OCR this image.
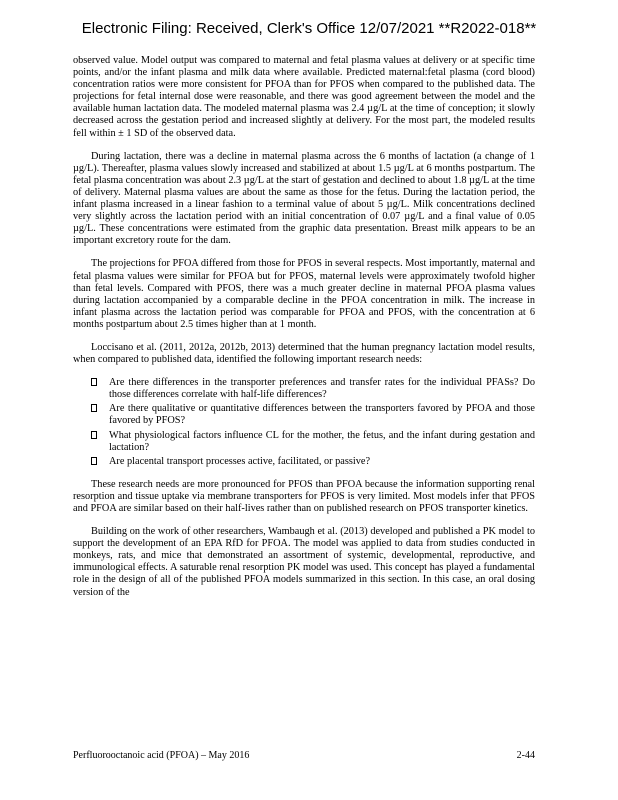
Electronic Filing: Received, Clerk's Office 12/07/2021 **R2022-018**

observed value. Model output was compared to maternal and fetal plasma values at delivery or at specific time points, and/or the infant plasma and milk data where available. Predicted maternal:fetal plasma (cord blood) concentration ratios were more consistent for PFOA than for PFOS when compared to the published data. The projections for fetal internal dose were reasonable, and there was good agreement between the model and the available human lactation data. The modeled maternal plasma was 2.4 µg/L at the time of conception; it slowly decreased across the gestation period and increased slightly at delivery. For the most part, the modeled results fell within ± 1 SD of the observed data.

During lactation, there was a decline in maternal plasma across the 6 months of lactation (a change of 1 µg/L). Thereafter, plasma values slowly increased and stabilized at about 1.5 µg/L at 6 months postpartum. The fetal plasma concentration was about 2.3 µg/L at the start of gestation and declined to about 1.8 µg/L at the time of delivery. Maternal plasma values are about the same as those for the fetus. During the lactation period, the infant plasma increased in a linear fashion to a terminal value of about 5 µg/L. Milk concentrations declined very slightly across the lactation period with an initial concentration of 0.07 µg/L and a final value of 0.05 µg/L. These concentrations were estimated from the graphic data presentation. Breast milk appears to be an important excretory route for the dam.

The projections for PFOA differed from those for PFOS in several respects. Most importantly, maternal and fetal plasma values were similar for PFOA but for PFOS, maternal levels were approximately twofold higher than fetal levels. Compared with PFOS, there was a much greater decline in maternal PFOA plasma values during lactation accompanied by a comparable decline in the PFOA concentration in milk. The increase in infant plasma across the lactation period was comparable for PFOA and PFOS, with the concentration at 6 months postpartum about 2.5 times higher than at 1 month.

Loccisano et al. (2011, 2012a, 2012b, 2013) determined that the human pregnancy lactation model results, when compared to published data, identified the following important research needs:

Are there differences in the transporter preferences and transfer rates for the individual PFASs? Do those differences correlate with half-life differences?
Are there qualitative or quantitative differences between the transporters favored by PFOA and those favored by PFOS?
What physiological factors influence CL for the mother, the fetus, and the infant during gestation and lactation?
Are placental transport processes active, facilitated, or passive?

These research needs are more pronounced for PFOS than PFOA because the information supporting renal resorption and tissue uptake via membrane transporters for PFOS is very limited. Most models infer that PFOS and PFOA are similar based on their half-lives rather than on published research on PFOS transporter kinetics.

Building on the work of other researchers, Wambaugh et al. (2013) developed and published a PK model to support the development of an EPA RfD for PFOA. The model was applied to data from studies conducted in monkeys, rats, and mice that demonstrated an assortment of systemic, developmental, reproductive, and immunological effects. A saturable renal resorption PK model was used. This concept has played a fundamental role in the design of all of the published PFOA models summarized in this section. In this case, an oral dosing version of the

Perfluorooctanoic acid (PFOA) – May 2016	2-44
